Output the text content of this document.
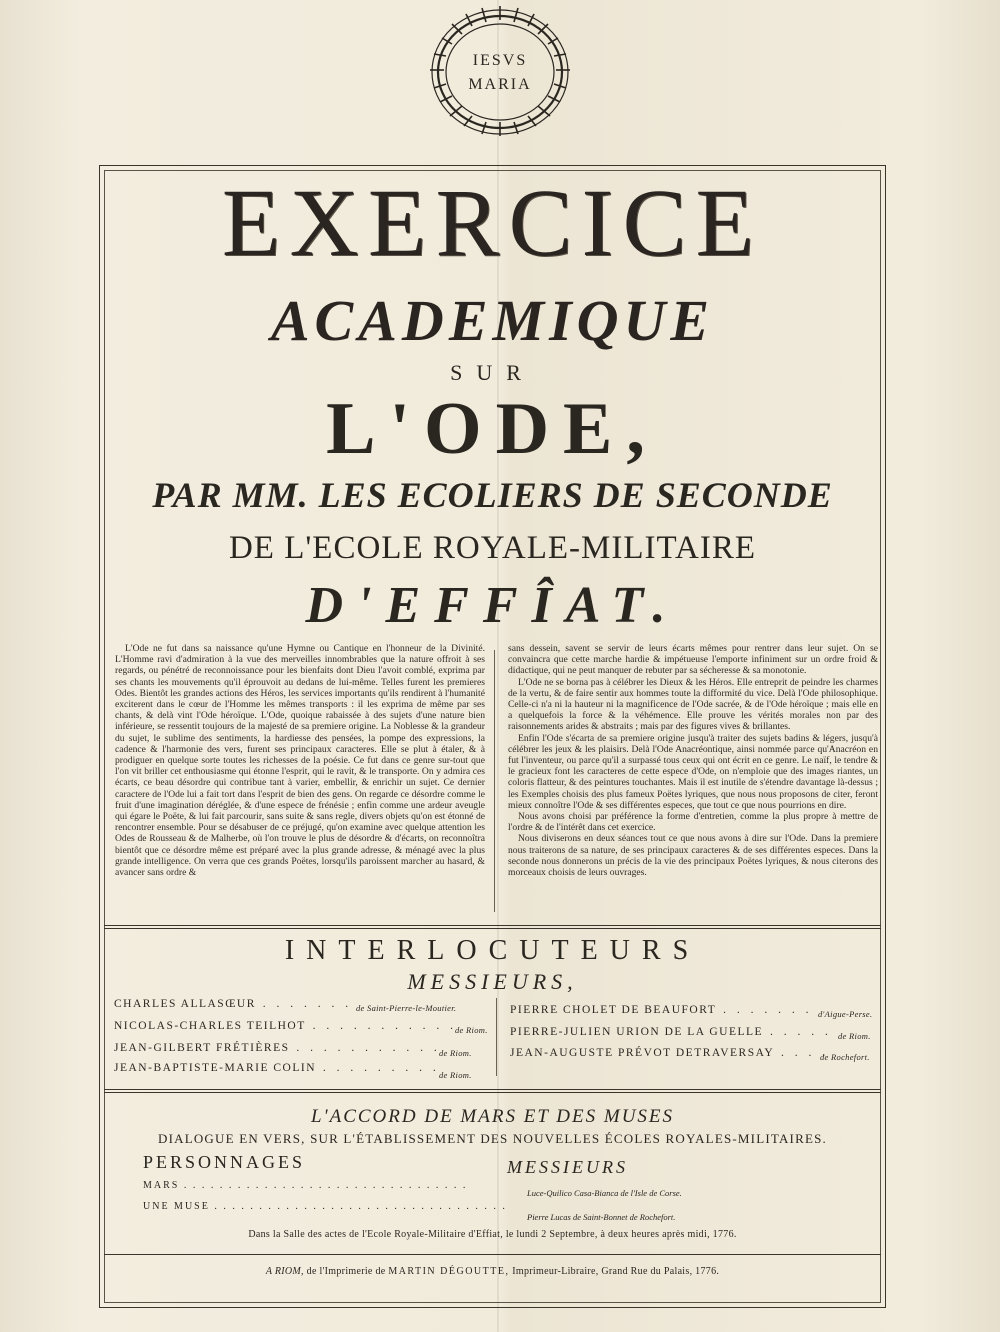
IESVS
MARIA
EXERCICE
ACADEMIQUE
SUR
L'ODE,
PAR MM. LES ECOLIERS DE SECONDE
DE L'ECOLE ROYALE-MILITAIRE
D'EFFÎAT.

L'Ode ne fut dans sa naissance qu'une Hymne ou Cantique en l'honneur de la Divinité. L'Homme ravi d'admiration à la vue des merveilles innombrables que la nature offroit à ses regards, ou pénétré de reconnoissance pour les bienfaits dont Dieu l'avoit comblé, exprima par ses chants les mouvements qu'il éprouvoit au dedans de lui-même. Telles furent les premieres Odes. Bientôt les grandes actions des Héros, les services importants qu'ils rendirent à l'humanité exciterent dans le cœur de l'Homme les mêmes transports : il les exprima de même par ses chants, & delà vint l'Ode héroïque. L'Ode, quoique rabaissée à des sujets d'une nature bien inférieure, se ressentit toujours de la majesté de sa premiere origine. La Noblesse & la grandeur du sujet, le sublime des sentiments, la hardiesse des pensées, la pompe des expressions, la cadence & l'harmonie des vers, furent ses principaux caracteres. Elle se plut à étaler, & à prodiguer en quelque sorte toutes les richesses de la poésie. Ce fut dans ce genre sur-tout que l'on vit briller cet enthousiasme qui étonne l'esprit, qui le ravit, & le transporte. On y admira ces écarts, ce beau désordre qui contribue tant à varier, embellir, & enrichir un sujet. Ce dernier caractere de l'Ode lui a fait tort dans l'esprit de bien des gens. On regarde ce désordre comme le fruit d'une imagination déréglée, & d'une espece de frénésie ; enfin comme une ardeur aveugle qui égare le Poëte, & lui fait parcourir, sans suite & sans regle, divers objets qu'on est étonné de rencontrer ensemble. Pour se désabuser de ce préjugé, qu'on examine avec quelque attention les Odes de Rousseau & de Malherbe, où l'on trouve le plus de désordre & d'écarts, on reconnoîtra bientôt que ce désordre même est préparé avec la plus grande adresse, & ménagé avec la plus grande intelligence. On verra que ces grands Poëtes, lorsqu'ils paroissent marcher au hasard, & avancer sans ordre &

sans dessein, savent se servir de leurs écarts mêmes pour rentrer dans leur sujet. On se convaincra que cette marche hardie & impétueuse l'emporte infiniment sur un ordre froid & didactique, qui ne peut manquer de rebuter par sa sécheresse & sa monotonie.

L'Ode ne se borna pas à célébrer les Dieux & les Héros. Elle entreprit de peindre les charmes de la vertu, & de faire sentir aux hommes toute la difformité du vice. Delà l'Ode philosophique. Celle-ci n'a ni la hauteur ni la magnificence de l'Ode sacrée, & de l'Ode héroïque ; mais elle en a quelquefois la force & la véhémence. Elle prouve les vérités morales non par des raisonnements arides & abstraits ; mais par des figures vives & brillantes.

Enfin l'Ode s'écarta de sa premiere origine jusqu'à traiter des sujets badins & légers, jusqu'à célébrer les jeux & les plaisirs. Delà l'Ode Anacréontique, ainsi nommée parce qu'Anacréon en fut l'inventeur, ou parce qu'il a surpassé tous ceux qui ont écrit en ce genre. Le naïf, le tendre & le gracieux font les caracteres de cette espece d'Ode, on n'emploie que des images riantes, un coloris flatteur, & des peintures touchantes. Mais il est inutile de s'étendre davantage là-dessus ; les Exemples choisis des plus fameux Poëtes lyriques, que nous nous proposons de citer, feront mieux connoître l'Ode & ses différentes especes, que tout ce que nous pourrions en dire.

Nous avons choisi par préférence la forme d'entretien, comme la plus propre à mettre de l'ordre & de l'intérêt dans cet exercice.

Nous diviserons en deux séances tout ce que nous avons à dire sur l'Ode. Dans la premiere nous traiterons de sa nature, de ses principaux caracteres & de ses différentes especes. Dans la seconde nous donnerons un précis de la vie des principaux Poëtes lyriques, & nous citerons des morceaux choisis de leurs ouvrages.

INTERLOCUTEURS
MESSIEURS,
CHARLES ALLASŒUR . . . . . . . de Saint-Pierre-le-Moutier.
NICOLAS-CHARLES TEILHOT . . . . . . . . . . .
de Riom.
JEAN-GILBERT FRÉTIÈRES . . . . . . . . . . .
de Riom.
JEAN-BAPTISTE-MARIE COLIN . . . . . . . . .
de Riom.
PIERRE CHOLET DE BEAUFORT . . . . . . . d'Aigue-Perse.
PIERRE-JULIEN URION DE LA GUELLE . . . . . de Riom.
JEAN-AUGUSTE PRÉVOT DETRAVERSAY . . . .
de Rochefort.
L'ACCORD DE MARS ET DES MUSES
DIALOGUE EN VERS, SUR L'ÉTABLISSEMENT DES NOUVELLES ÉCOLES ROYALES-MILITAIRES.
PERSONNAGES	MESSIEURS
MARS . . . . . . . . . . . . . . . . . . . . . . . . . . . . . . . .
Luce-Quilico Casa-Bianca de l'Isle de Corse.
UNE MUSE . . . . . . . . . . . . . . . . . . . . . . . . . . . . . . . . .
Pierre Lucas de Saint-Bonnet de Rochefort.
Dans la Salle des actes de l'Ecole Royale-Militaire d'Effiat, le lundi 2 Septembre, à deux heures après midi, 1776.
A RIOM, de l'Imprimerie de MARTIN DÉGOUTTE, Imprimeur-Libraire, Grand Rue du Palais, 1776.
